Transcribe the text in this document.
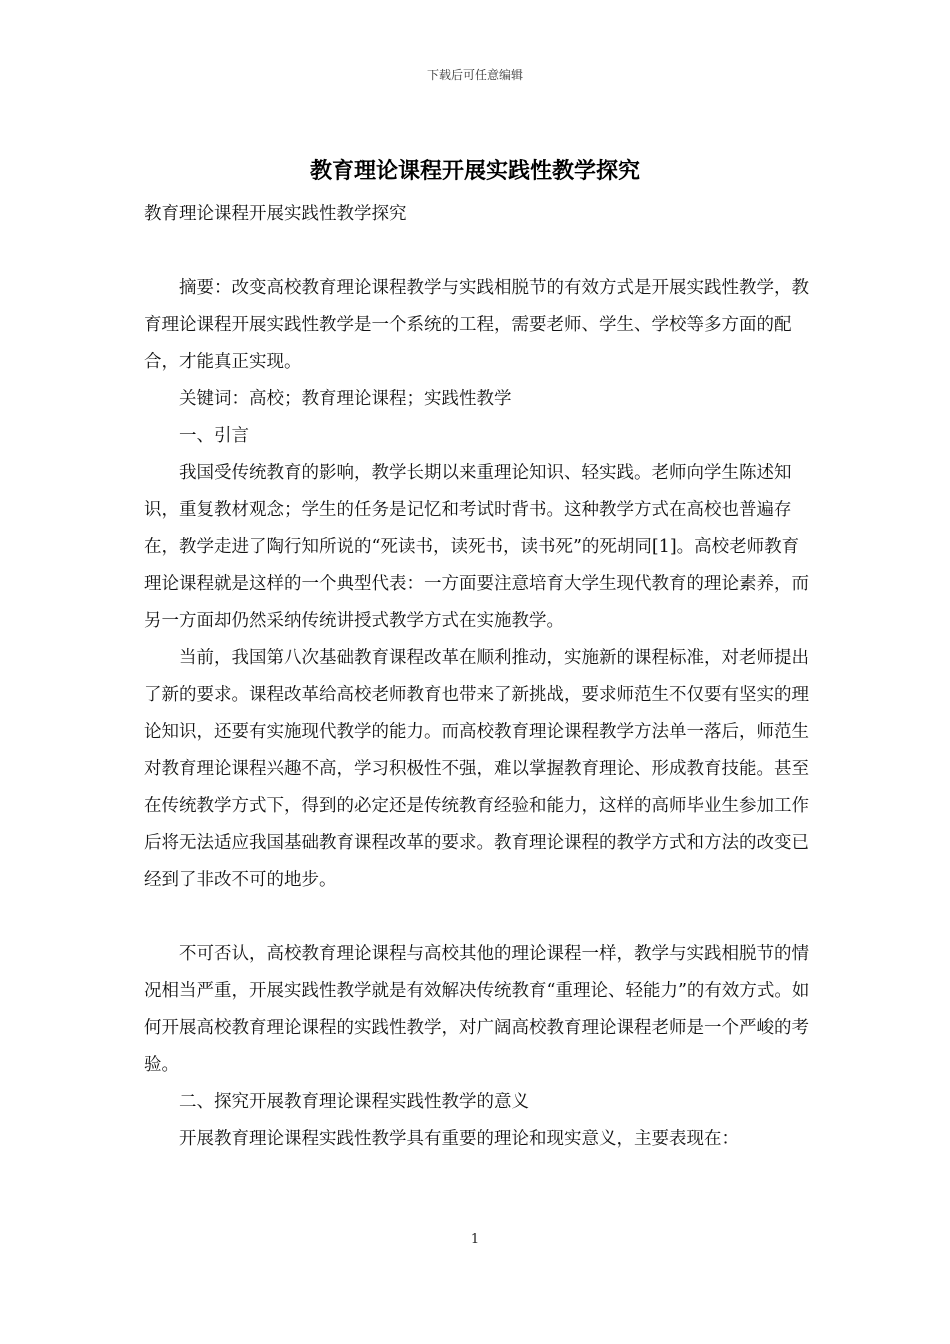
下载后可任意编辑
教育理论课程开展实践性教学探究

教育理论课程开展实践性教学探究

摘要：改变高校教育理论课程教学与实践相脱节的有效方式是开展实践性教学，教育理论课程开展实践性教学是一个系统的工程，需要老师、学生、学校等多方面的配合，才能真正实现。

关键词：高校；教育理论课程；实践性教学

一、引言

我国受传统教育的影响，教学长期以来重理论知识、轻实践。老师向学生陈述知识，重复教材观念；学生的任务是记忆和考试时背书。这种教学方式在高校也普遍存在，教学走进了陶行知所说的“死读书，读死书，读书死”的死胡同[1]。高校老师教育理论课程就是这样的一个典型代表：一方面要注意培育大学生现代教育的理论素养，而另一方面却仍然采纳传统讲授式教学方式在实施教学。

当前，我国第八次基础教育课程改革在顺利推动，实施新的课程标准，对老师提出了新的要求。课程改革给高校老师教育也带来了新挑战，要求师范生不仅要有坚实的理论知识，还要有实施现代教学的能力。而高校教育理论课程教学方法单一落后，师范生对教育理论课程兴趣不高，学习积极性不强，难以掌握教育理论、形成教育技能。甚至在传统教学方式下，得到的必定还是传统教育经验和能力，这样的高师毕业生参加工作后将无法适应我国基础教育课程改革的要求。教育理论课程的教学方式和方法的改变已经到了非改不可的地步。

不可否认，高校教育理论课程与高校其他的理论课程一样，教学与实践相脱节的情况相当严重，开展实践性教学就是有效解决传统教育“重理论、轻能力”的有效方式。如何开展高校教育理论课程的实践性教学，对广阔高校教育理论课程老师是一个严峻的考验。

二、探究开展教育理论课程实践性教学的意义

开展教育理论课程实践性教学具有重要的理论和现实意义，主要表现在：

1
